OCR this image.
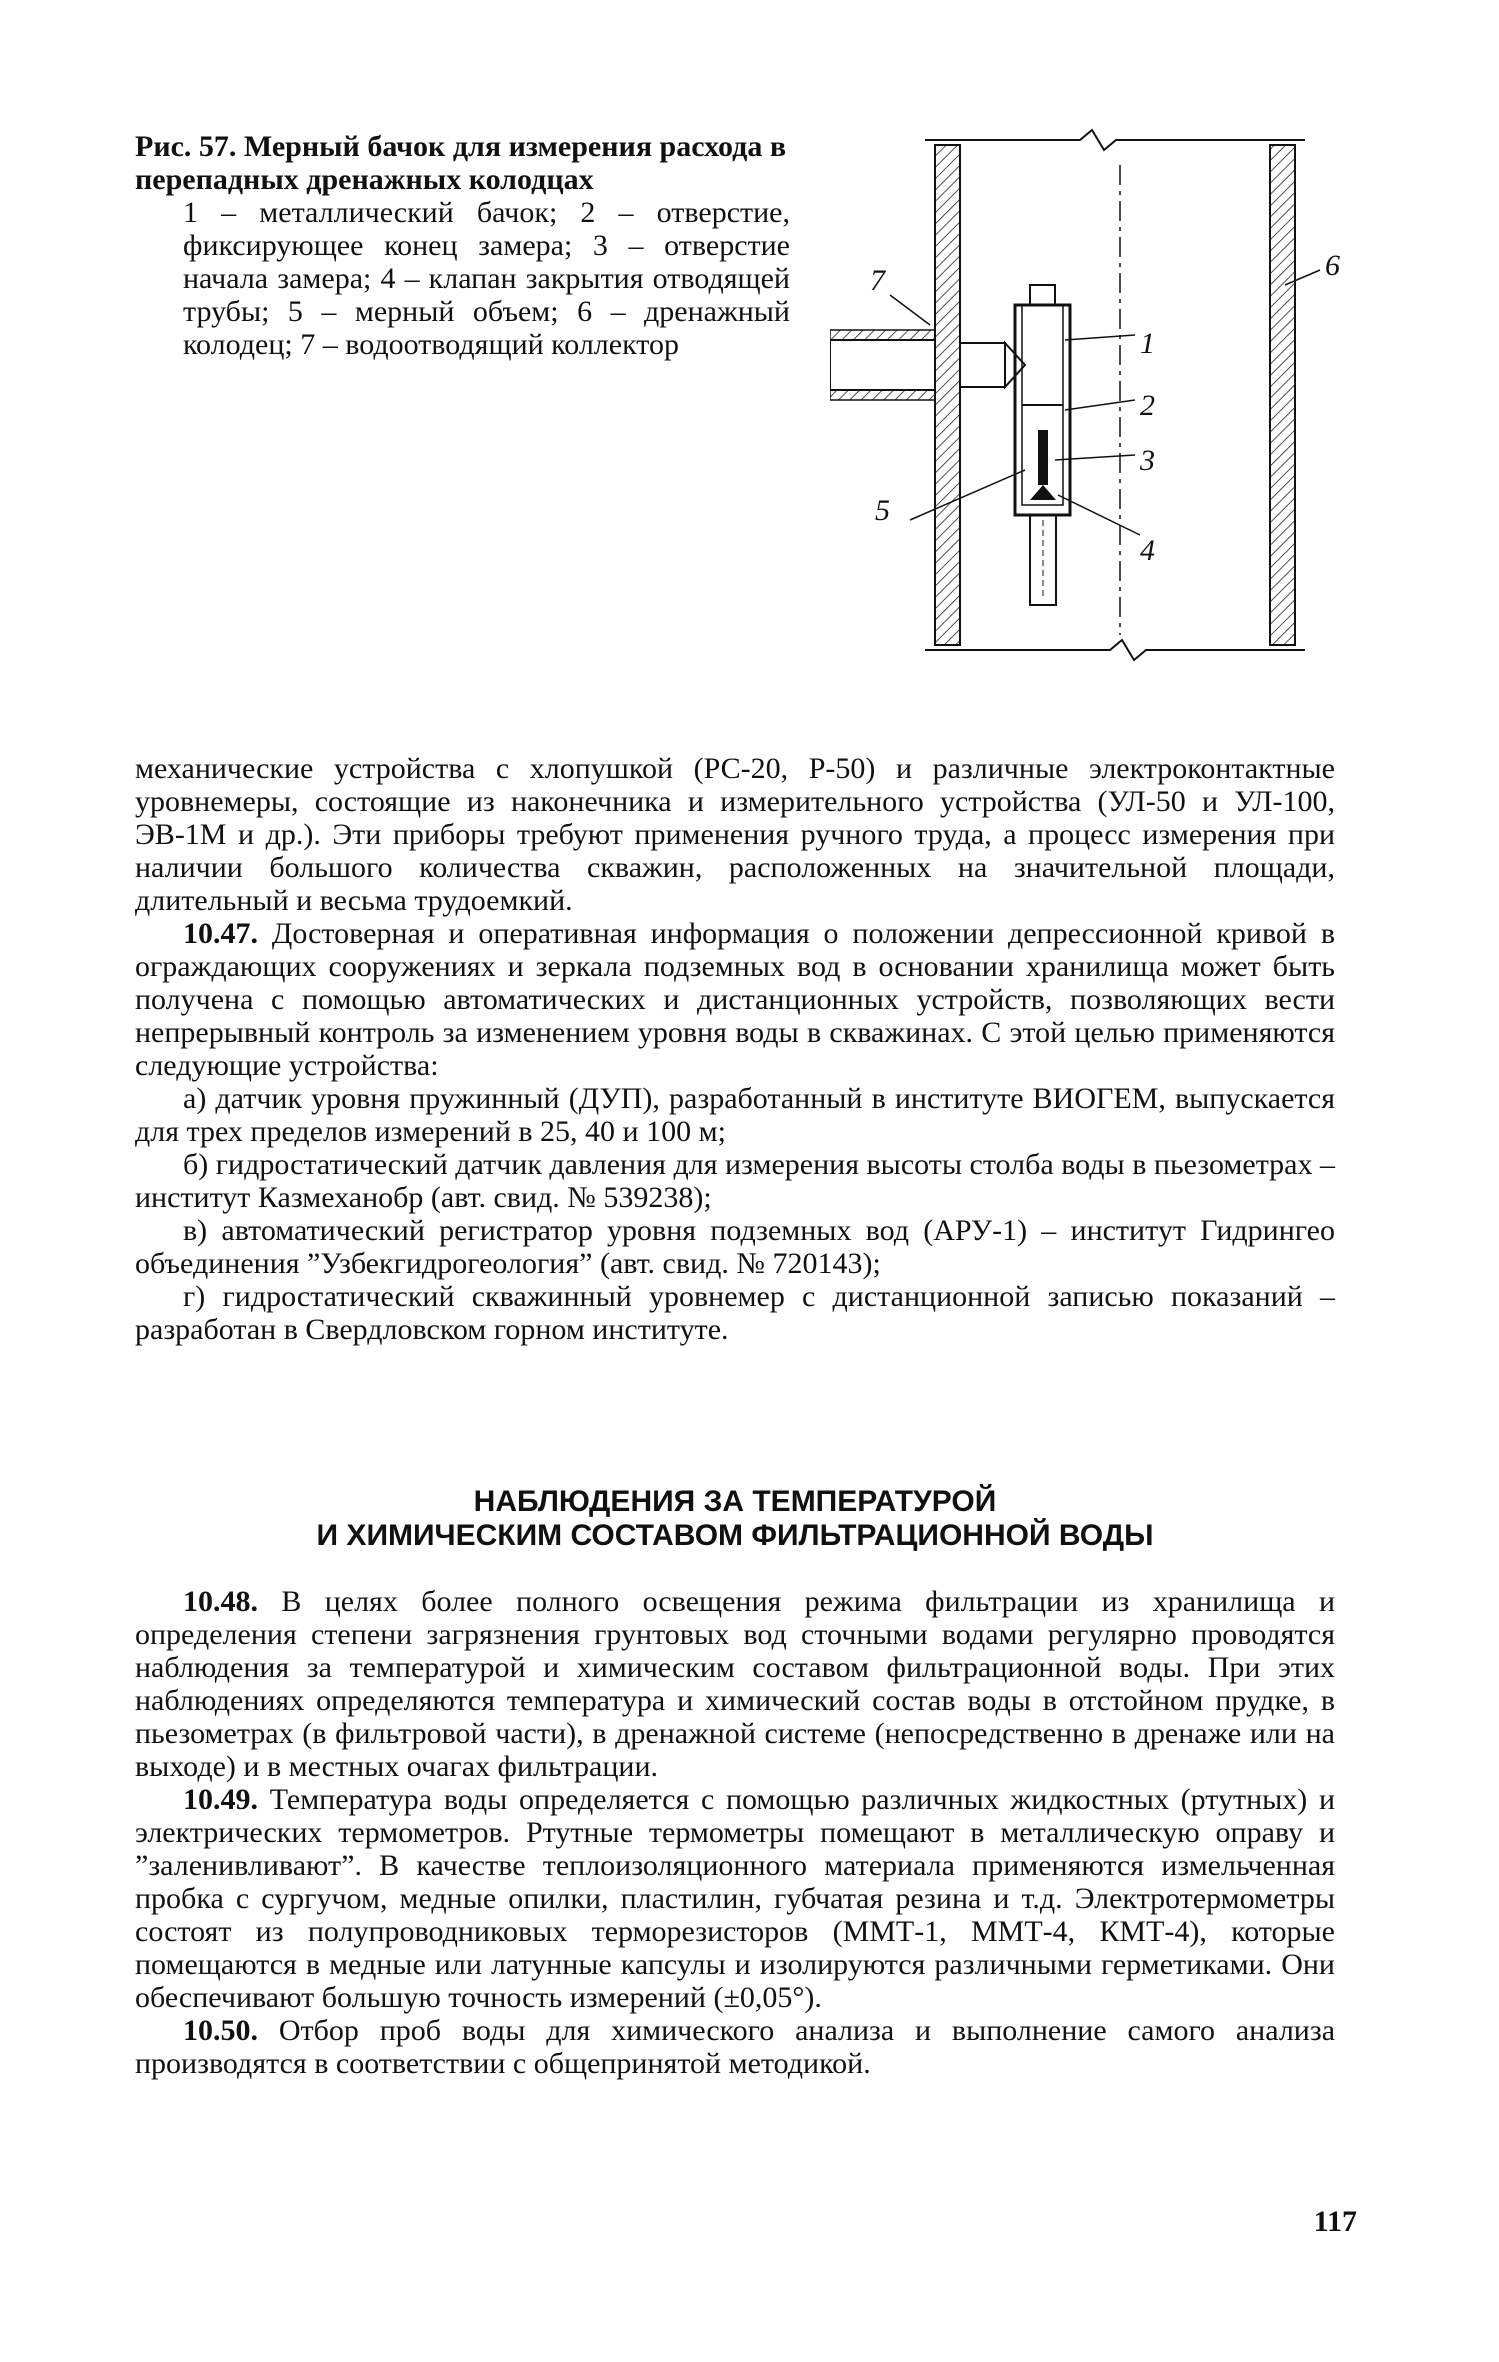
Рис. 57. Мерный бачок для измерения расхода в перепадных дренажных колодцах
1 – металлический бачок; 2 – отверстие, фиксирующее конец замера; 3 – отверстие начала замера; 4 – клапан закрытия отводящей трубы; 5 – мерный объем; 6 – дренажный колодец; 7 – водоотводящий коллектор	1
2
3
4
5
6
7

механические устройства с хлопушкой (РС-20, Р-50) и различные электроконтактные уровнемеры, состоящие из наконечника и измерительного устройства (УЛ-50 и УЛ-100, ЭВ-1М и др.). Эти приборы требуют применения ручного труда, а процесс измерения при наличии большого количества скважин, расположенных на значительной площади, длительный и весьма трудоемкий.

10.47. Достоверная и оперативная информация о положении депрессионной кривой в ограждающих сооружениях и зеркала подземных вод в основании хранилища может быть получена с помощью автоматических и дистанционных устройств, позволяющих вести непрерывный контроль за изменением уровня воды в скважинах. С этой целью применяются следующие устройства:

а) датчик уровня пружинный (ДУП), разработанный в институте ВИОГЕМ, выпускается для трех пределов измерений в 25, 40 и 100 м;

б) гидростатический датчик давления для измерения высоты столба воды в пьезометрах – институт Казмеханобр (авт. свид. № 539238);

в) автоматический регистратор уровня подземных вод (АРУ-1) – институт Гидрингео объединения ”Узбекгидрогеология” (авт. свид. № 720143);

г) гидростатический скважинный уровнемер с дистанционной записью показаний – разработан в Свердловском горном институте.

НАБЛЮДЕНИЯ ЗА ТЕМПЕРАТУРОЙ
И ХИМИЧЕСКИМ СОСТАВОМ ФИЛЬТРАЦИОННОЙ ВОДЫ

10.48. В целях более полного освещения режима фильтрации из хранилища и определения степени загрязнения грунтовых вод сточными водами регулярно проводятся наблюдения за температурой и химическим составом фильтрационной воды. При этих наблюдениях определяются температура и химический состав воды в отстойном прудке, в пьезометрах (в фильтровой части), в дренажной системе (непосредственно в дренаже или на выходе) и в местных очагах фильтрации.

10.49. Температура воды определяется с помощью различных жидкостных (ртутных) и электрических термометров. Ртутные термометры помещают в металлическую оправу и ”заленивливают”. В качестве теплоизоляционного материала применяются измельченная пробка с сургучом, медные опилки, пластилин, губчатая резина и т.д. Электротермометры состоят из полупроводниковых терморезисторов (ММТ-1, ММТ-4, КМТ-4), которые помещаются в медные или латунные капсулы и изолируются различными герметиками. Они обеспечивают большую точность измерений (±0,05°).

10.50. Отбор проб воды для химического анализа и выполнение самого анализа производятся в соответствии с общепринятой методикой.

117
